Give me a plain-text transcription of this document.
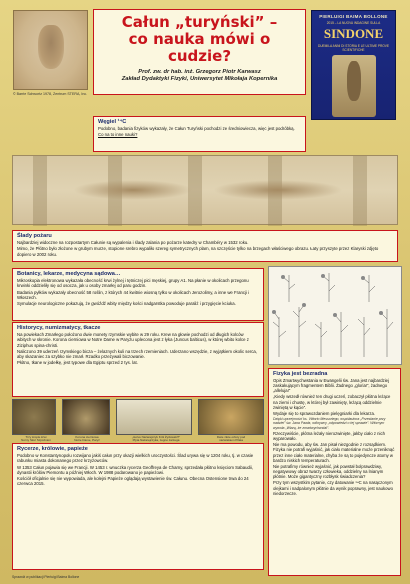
© Barrie Schwortz 1978, Zentrum STERA, Inc.
Całun „turyński” –
co nauka mówi o cudzie?
Prof. zw. dr hab. inż. Grzegorz Piotr Karwasz
Zakład Dydaktyki Fizyki, Uniwersytet Mikołaja Kopernika
PIERLUIGI BAIMA BOLLONE
2015 – LA NUOVA INDAGINE SULLA
SINDONE
DUEMILA ANNI DI STORIA E LE ULTIME PROVE SCIENTIFICHE
Węgiel ¹⁴C

Podobno, badania fizyków wykazały, że Całun Turyński pochodzi ze średniowiecza, więc jest podróbką.

Co na to inne nauki?

Ślady pożaru

Najbardziej widoczne na rozpostartym Całunie są wypalenia i ślady zalania po pożarze katedry w Chambéry w 1532 roku.

Mimo, że Płótno było złożone w grubym murze, stopione srebro wypaliło szereg symetrycznych plam, na szczęście tylko na brzegach właściwego obrazu. Łaty przyszyte przez Klaryski zdjęto dopiero w 2002 roku.

Botanicy, lekarze, medycyna sądowa…

Mikroskopia elektronowa wykazała obecność krwi żylnej i tętniczej pici męskiej, grupy A1. Na płanie w okolicach przegonu krwinki oddzieliły się od osocza, jak u osoby zmarłej od paru godzin.

Badania pyłków wykazały obecność 58 roślin, z których 44 kwitnie wiosną tylko w okolicach Jerozolimy, a inne we Francji i Włoszech.

Symulacje neurologiczne pokazują, że gwóźdź wbity między kości nadgarstka powoduje paraliż i przygięcie kciuka.

Historycy, numizmatycy, tkacze

Na powiekach Zmarłego położono dwie monety rzymskie wybite w 29 roku. Krew na głowie pochodzi od długich kolców wbitych w skronie. Korona cierniowa w Notre Dame w Paryżu uplecona jest z łyka (Juncus balticus), w której wbito kolce z Ziziphus spina-christi.

Naliczono 39 uderzeń rzymskiego bicza – żelaznych kuli na trzech rzemieniach. Uderzano wszędzie, z wyjątkiem okolic serca, aby skazaniec za szybko nie zmarł. Rzadko przeżywali biczowanie.

Płótno, tkane w jodełkę, jest typowe dla Egiptu sprzed 2 tys. lat.

Trzy krople krwi
Norny Słoń Szpóżnion
Korona cierniowa
Notre Dame, Paryż
„Jezus Nazarejczyk Król Żydowski?”
Płyta Nazarejczyka, zegno Jarzega
Dwie złote ozłoty pod
nazwiskiem Pilata
Rycerze, królowie, papieże

Podobno w Konstantynopolu rozwijano jakiś całun przy okazji wielkich uroczystości. Ślad urywa się w 1204 roku, tj. w czasie rabunku miasta dokonanego przez krzyżowców.

W 1353 Całun pojawia się we Francji. W 1453 r. wnuczka rycerza Geoffreya de Charny, sprzedała płótno księciom Sabaudii, dynastii królów Piemontu a później Włoch. W 1988 podarowano je papieżowi.

Kościół oficjalnie się nie wypowiada, ale kolejni Papieże oglądają wystawienie św. Całunu. Obecna Ostensione trwa do 24 czerwca 2015.

Fizyka jest bezradna

Opis Zmartwychwstania w Ewangelii św. Jana jest najbardziej zaskakującym fragmentem Biblii. Żadnego „gloria!”, żadnego „alleluja!”

„Kiedy wszedł również ten drugi uczeń, zobaczył płótna leżące na ziemi i chustę, w której był zawinięty, leżącą oddzielnie zwiniętą w kącie”.

Wydaje się to sprawozdaniem pielęgniarki dla lekarza.

Dzięki uprzejmości ks. Vittorio Messoriego, współautora „Przesłanie przy nadziei” św. Jana Pawła, odkrywcy „odpowiedzi o tej sprawie”. Wtórnym wywoła „Wiarą, że zmartwychwstał”.

Rzeczywiście, płótna leżały nierozwinięte, jakby ciało z nich wyparowało.

Nie ma powodu, aby św. Jan pisał niezgodnie z rozsądkiem. Fizyka nie potrafi wyjaśnić, jak ciało materialne może przeniknąć przez inne ciało materialne, chyba że są to pojedyncze atomy w bardzo niskich temperaturach.

Nie potrafimy również wyjaśnić, jak powstał bolprawdziwy, negatywowy obraz twarzy człowieka, oddzielny na lnianym płótnie. Może gigantyczny rozbłysk świadczenia?

Przy tym wszystkim pytanie, czy datowanie ¹⁴C na nasączonym olejkami i nadpalonym płótnie da wynik poprawny, jest naukowo niedorzecze.

Sprawdź w publikacji Pierluigi Baima Bollone
